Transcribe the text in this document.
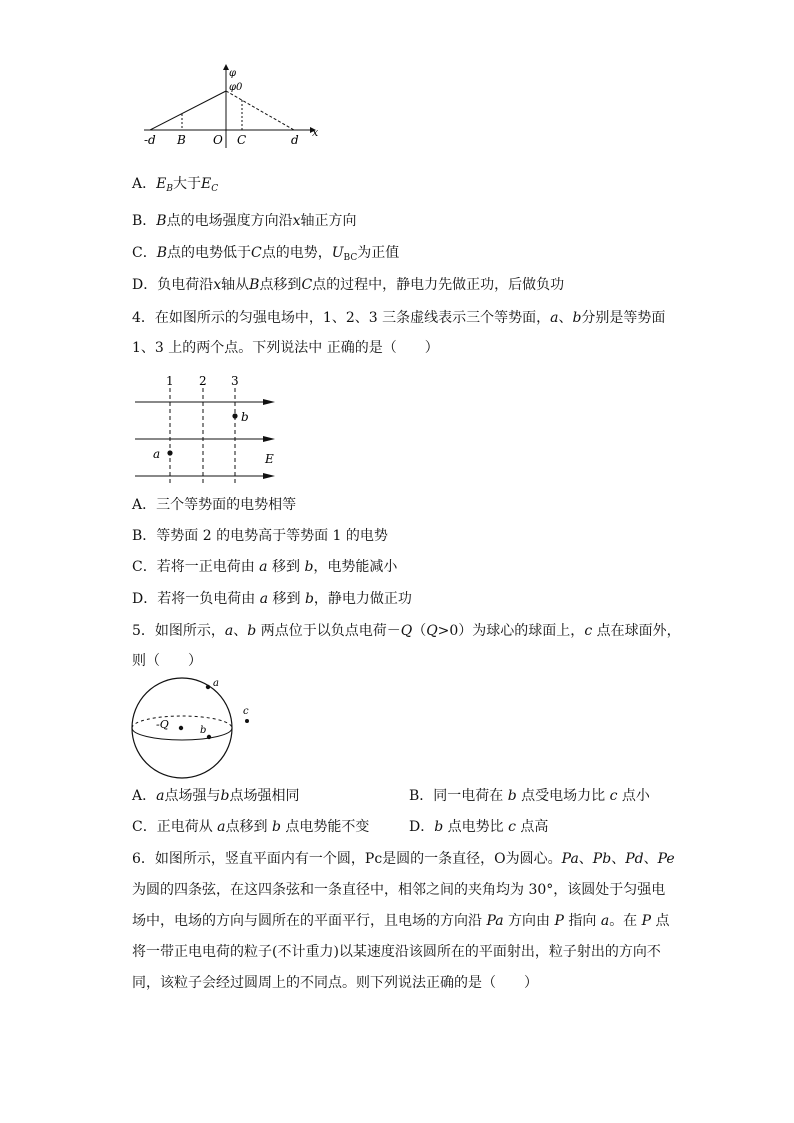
φ
φ0
x
-d B O C	d
A．$E_B$大于$E_C$
B．B点的电场强度方向沿x轴正方向
C．B点的电势低于C点的电势，$U_{BC}$为正值
D．负电荷沿x轴从B点移到C点的过程中，静电力先做正功，后做负功
4．在如图所示的匀强电场中，1、2、3 三条虚线表示三个等势面，a、b分别是等势面
1、3 上的两个点。下列说法中 正确的是（　　）
1 2 3
b
a	E
A．三个等势面的电势相等
B．等势面 2 的电势高于等势面 1 的电势
C．若将一正电荷由 a 移到 b，电势能减小
D．若将一负电荷由 a 移到 b，静电力做正功
5．如图所示，a、b 两点位于以负点电荷－Q（Q>0）为球心的球面上，c 点在球面外，
则（　　）
-Q
a
b
c
A．a点场强与b点场强相同	B．同一电荷在 b 点受电场力比 c 点小
C．正电荷从 a点移到 b 点电势能不变	D．b 点电势比 c 点高
6．如图所示，竖直平面内有一个圆，Pc是圆的一条直径，O为圆心。Pa、Pb、Pd、Pe
为圆的四条弦，在这四条弦和一条直径中，相邻之间的夹角均为 30°，该圆处于匀强电
场中，电场的方向与圆所在的平面平行，且电场的方向沿 Pa 方向由 P 指向 a。在 P 点
将一带正电电荷的粒子(不计重力)以某速度沿该圆所在的平面射出，粒子射出的方向不
同，该粒子会经过圆周上的不同点。则下列说法正确的是（　　）
